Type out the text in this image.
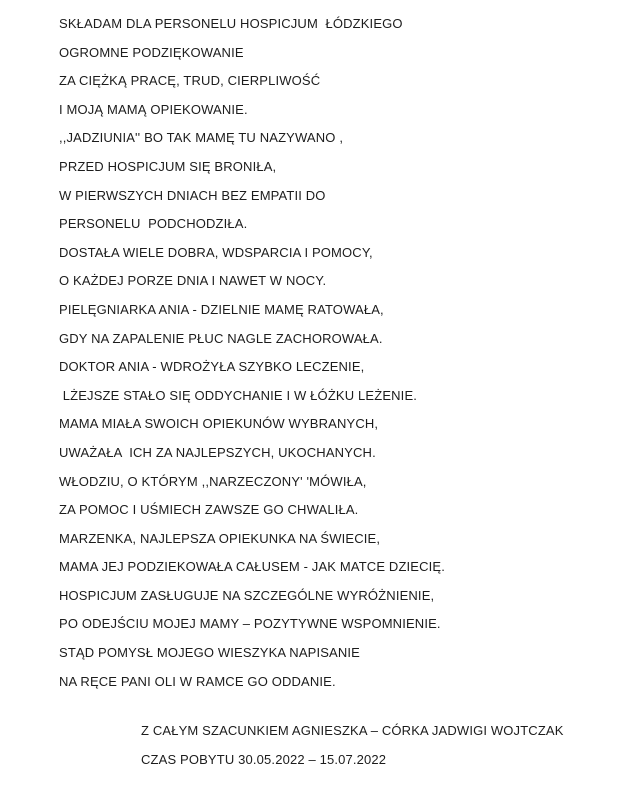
SKŁADAM DLA PERSONELU HOSPICJUM  ŁÓDZKIEGO
OGROMNE PODZIĘKOWANIE
ZA CIĘŻKĄ PRACĘ, TRUD, CIERPLIWOŚĆ
I MOJĄ MAMĄ OPIEKOWANIE.
,,JADZIUNIA'' BO TAK MAMĘ TU NAZYWANO ,
PRZED HOSPICJUM SIĘ BRONIŁA,
W PIERWSZYCH DNIACH BEZ EMPATII DO
PERSONELU  PODCHODZIŁA.
DOSTAŁA WIELE DOBRA, WDSPARCIA I POMOCY,
O KAŻDEJ PORZE DNIA I NAWET W NOCY.
PIELĘGNIARKA ANIA - DZIELNIE MAMĘ RATOWAŁA,
GDY NA ZAPALENIE PŁUC NAGLE ZACHOROWAŁA.
DOKTOR ANIA - WDROŻYŁA SZYBKO LECZENIE,
LŻEJSZE STAŁO SIĘ ODDYCHANIE I W ŁÓŻKU LEŻENIE.
MAMA MIAŁA SWOICH OPIEKUNÓW WYBRANYCH,
UWAŻAŁA  ICH ZA NAJLEPSZYCH, UKOCHANYCH.
WŁODZIU, O KTÓRYM ,,NARZECZONY' 'MÓWIŁA,
ZA POMOC I UŚMIECH ZAWSZE GO CHWALIŁA.
MARZENKA, NAJLEPSZA OPIEKUNKA NA ŚWIECIE,
MAMA JEJ PODZIEKOWAŁA CAŁUSEM - JAK MATCE DZIECIĘ.
HOSPICJUM ZASŁUGUJE NA SZCZEGÓLNE WYRÓŻNIENIE,
PO ODEJŚCIU MOJEJ MAMY – POZYTYWNE WSPOMNIENIE.
STĄD POMYSŁ MOJEGO WIESZYKA NAPISANIE
NA RĘCE PANI OLI W RAMCE GO ODDANIE.
Z CAŁYM SZACUNKIEM AGNIESZKA – CÓRKA JADWIGI WOJTCZAK
CZAS POBYTU 30.05.2022 – 15.07.2022
